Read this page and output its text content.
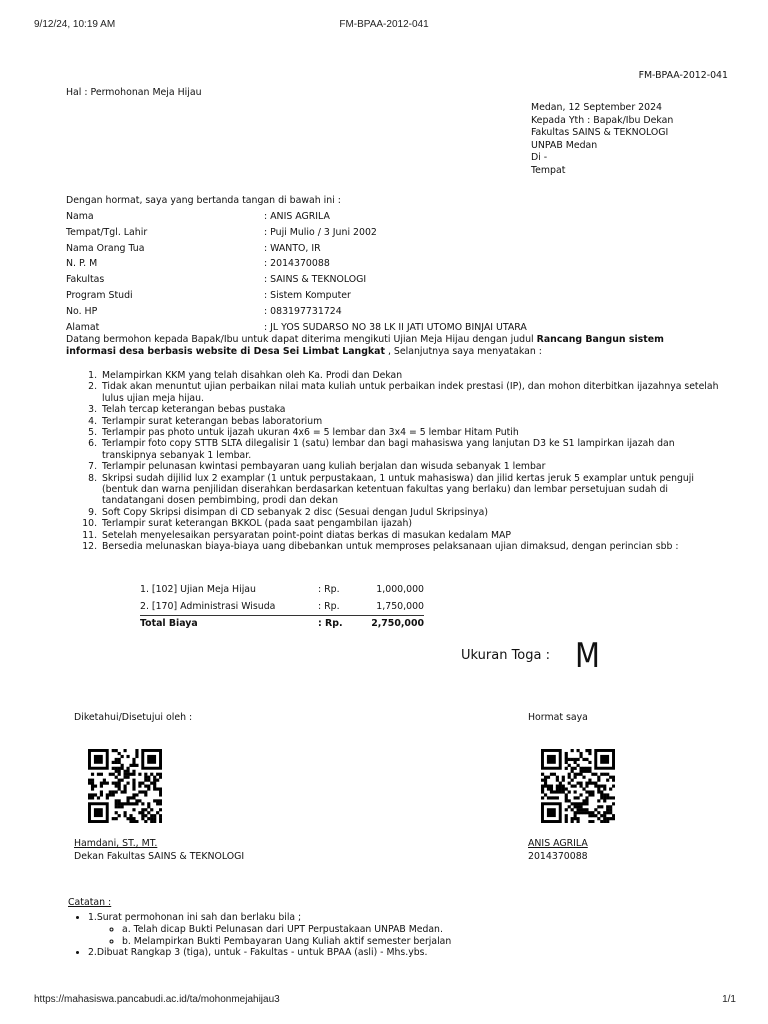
9/12/24, 10:19 AM	FM-BPAA-2012-041
https://mahasiswa.pancabudi.ac.id/ta/mohonmejahijau3	1/1
FM-BPAA-2012-041
Hal : Permohonan Meja Hijau
Medan, 12 September 2024
Kepada Yth : Bapak/Ibu Dekan
Fakultas SAINS & TEKNOLOGI
UNPAB Medan
Di -
Tempat
Dengan hormat, saya yang bertanda tangan di bawah ini :
Nama	: ANIS AGRILA
Tempat/Tgl. Lahir	: Puji Mulio / 3 Juni 2002
Nama Orang Tua	: WANTO, IR
N. P. M	: 2014370088
Fakultas	: SAINS & TEKNOLOGI
Program Studi	: Sistem Komputer
No. HP	: 083197731724
Alamat	: JL YOS SUDARSO NO 38 LK II JATI UTOMO BINJAI UTARA
Datang bermohon kepada Bapak/Ibu untuk dapat diterima mengikuti Ujian Meja Hijau dengan judul Rancang Bangun sistem informasi desa berbasis website di Desa Sei Limbat Langkat , Selanjutnya saya menyatakan :
1. Melampirkan KKM yang telah disahkan oleh Ka. Prodi dan Dekan
2. Tidak akan menuntut ujian perbaikan nilai mata kuliah untuk perbaikan indek prestasi (IP), dan mohon diterbitkan ijazahnya setelah lulus ujian meja hijau.
3. Telah tercap keterangan bebas pustaka
4. Terlampir surat keterangan bebas laboratorium
5. Terlampir pas photo untuk ijazah ukuran 4x6 = 5 lembar dan 3x4 = 5 lembar Hitam Putih
6. Terlampir foto copy STTB SLTA dilegalisir 1 (satu) lembar dan bagi mahasiswa yang lanjutan D3 ke S1 lampirkan ijazah dan transkipnya sebanyak 1 lembar.
7. Terlampir pelunasan kwintasi pembayaran uang kuliah berjalan dan wisuda sebanyak 1 lembar
8. Skripsi sudah dijilid lux 2 examplar (1 untuk perpustakaan, 1 untuk mahasiswa) dan jilid kertas jeruk 5 examplar untuk penguji (bentuk dan warna penjilidan diserahkan berdasarkan ketentuan fakultas yang berlaku) dan lembar persetujuan sudah di tandatangani dosen pembimbing, prodi dan dekan
9. Soft Copy Skripsi disimpan di CD sebanyak 2 disc (Sesuai dengan Judul Skripsinya)
10. Terlampir surat keterangan BKKOL (pada saat pengambilan ijazah)
11. Setelah menyelesaikan persyaratan point-point diatas berkas di masukan kedalam MAP
12. Bersedia melunaskan biaya-biaya uang dibebankan untuk memproses pelaksanaan ujian dimaksud, dengan perincian sbb :
1. [102] Ujian Meja Hijau	: Rp.	1,000,000
2. [170] Administrasi Wisuda	: Rp.	1,750,000
Total Biaya	: Rp.	2,750,000
Ukuran Toga : M
Diketahui/Disetujui oleh :	Hormat saya
Hamdani, ST., MT.
Dekan Fakultas SAINS & TEKNOLOGI
ANIS AGRILA
2014370088
Catatan :
• 1.Surat permohonan ini sah dan berlaku bila ;
◦ a. Telah dicap Bukti Pelunasan dari UPT Perpustakaan UNPAB Medan.
◦ b. Melampirkan Bukti Pembayaran Uang Kuliah aktif semester berjalan
• 2.Dibuat Rangkap 3 (tiga), untuk - Fakultas - untuk BPAA (asli) - Mhs.ybs.
